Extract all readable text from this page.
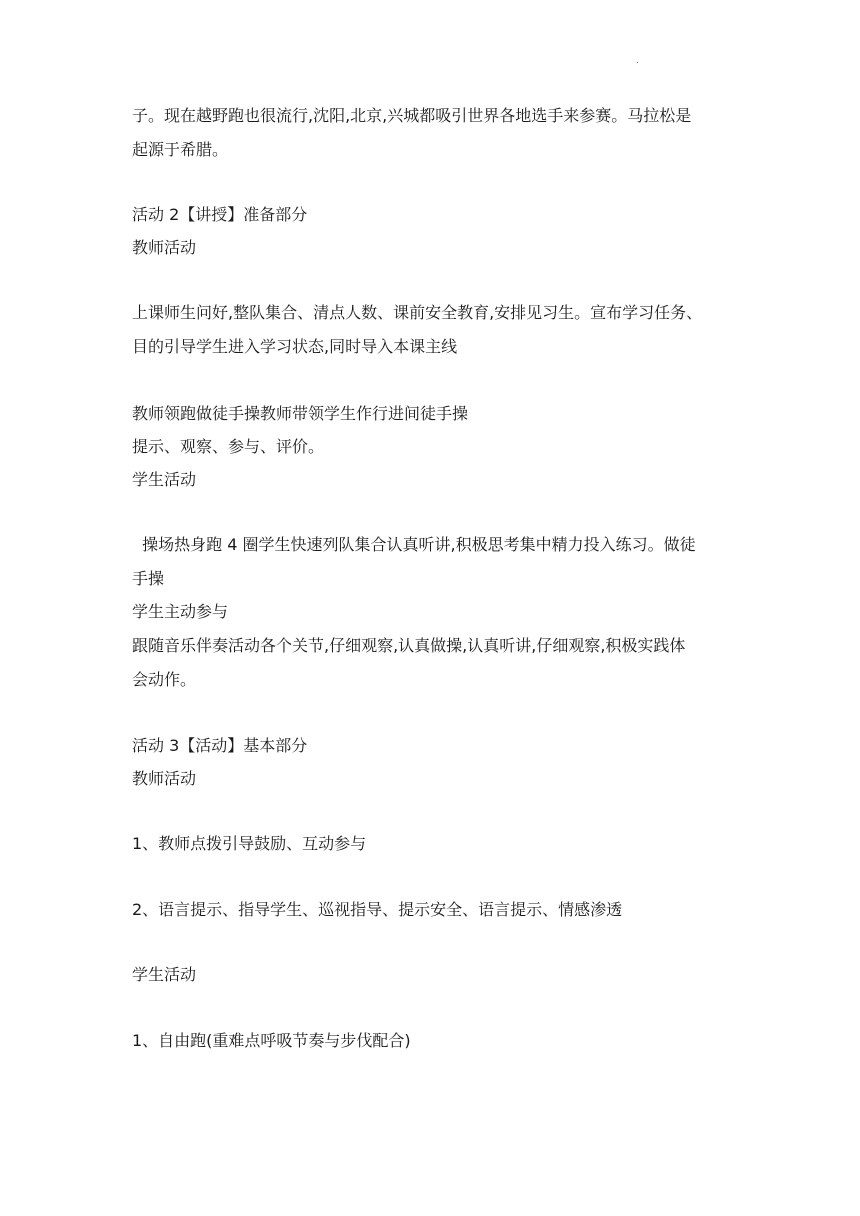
.
子。现在越野跑也很流行,沈阳,北京,兴城都吸引世界各地选手来参赛。马拉松是
起源于希腊。
活动 2【讲授】准备部分
教师活动
上课师生问好,整队集合、清点人数、课前安全教育,安排见习生。宣布学习任务、
目的引导学生进入学习状态,同时导入本课主线
教师领跑做徒手操教师带领学生作行进间徒手操
提示、观察、参与、评价。
学生活动
操场热身跑 4 圈学生快速列队集合认真听讲,积极思考集中精力投入练习。做徒
手操
学生主动参与
跟随音乐伴奏活动各个关节,仔细观察,认真做操,认真听讲,仔细观察,积极实践体
会动作。
活动 3【活动】基本部分
教师活动
1、教师点拨引导鼓励、互动参与
2、语言提示、指导学生、巡视指导、提示安全、语言提示、情感渗透
学生活动
1、自由跑(重难点呼吸节奏与步伐配合)
